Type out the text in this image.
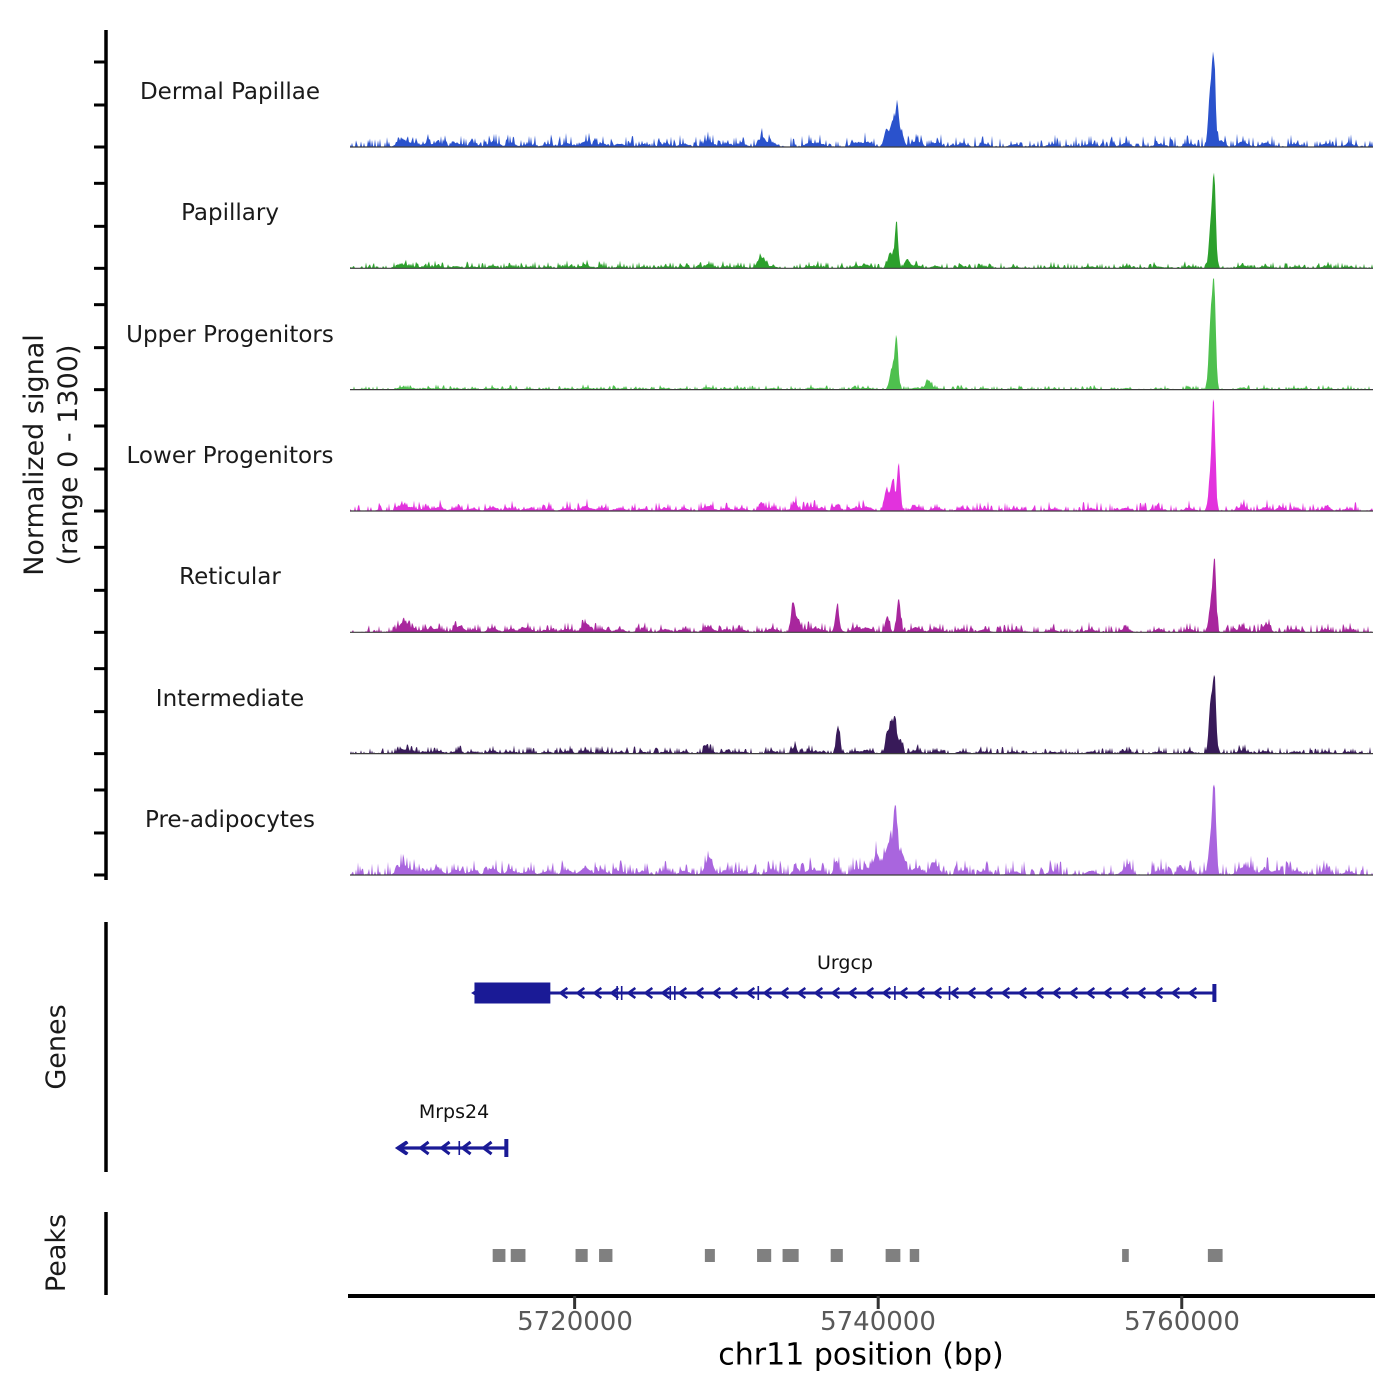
Normalized signal (range 0 - 1300)
Dermal Papillae
Papillary
Upper Progenitors
Lower Progenitors
Reticular
Intermediate
Pre-adipocytes
Genes
Peaks
Urgcp
Mrps24
5720000	5740000	5760000
chr11 position (bp)
